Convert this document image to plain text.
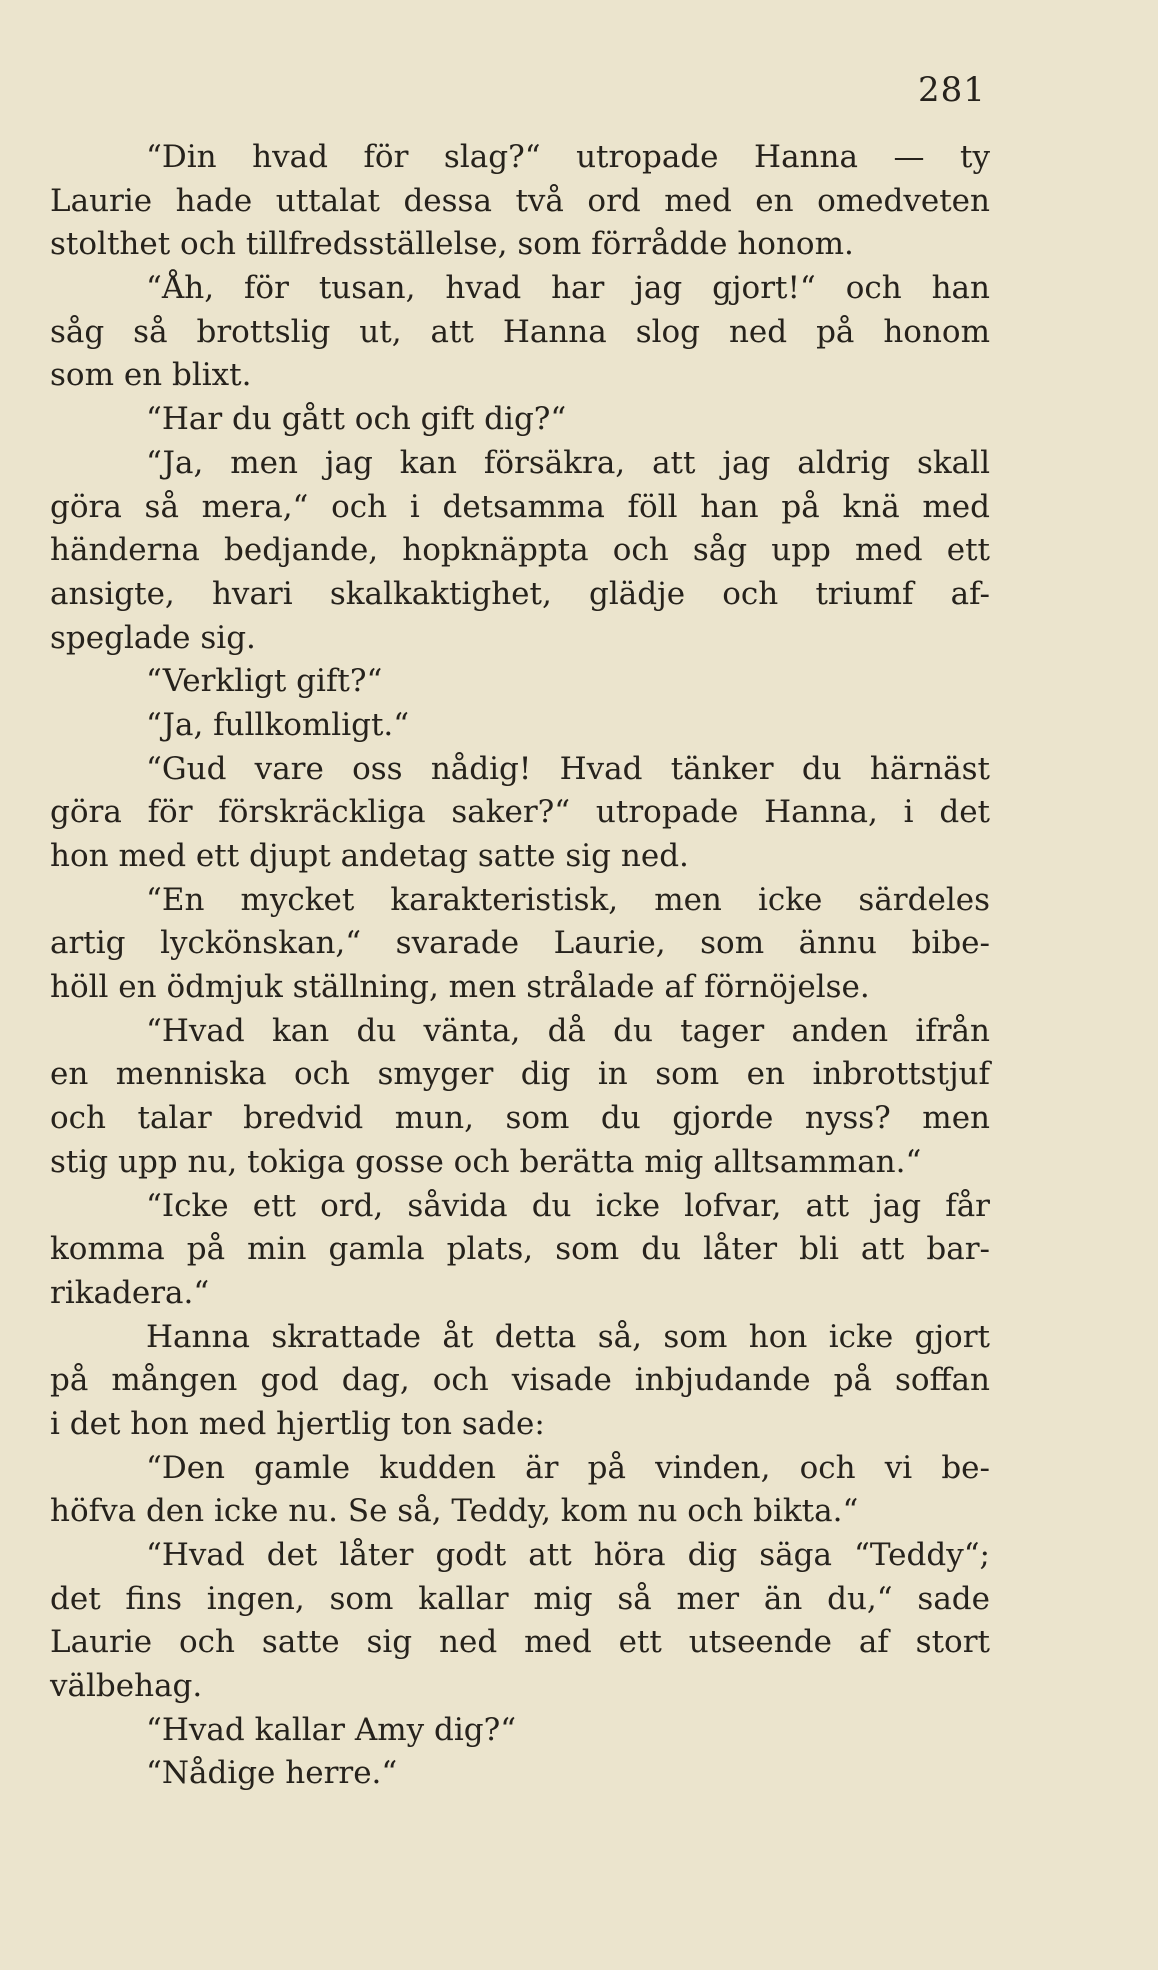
281
“Din hvad för slag?“ utropade Hanna — ty
Laurie hade uttalat dessa två ord med en omedveten
stolthet och tillfredsställelse, som förrådde honom.
“Åh, för tusan, hvad har jag gjort!“ och han
såg så brottslig ut, att Hanna slog ned på honom
som en blixt.
“Har du gått och gift dig?“
“Ja, men jag kan försäkra, att jag aldrig skall
göra så mera,“ och i detsamma föll han på knä med
händerna bedjande, hopknäppta och såg upp med ett
ansigte, hvari skalkaktighet, glädje och triumf af-
speglade sig.
“Verkligt gift?“
“Ja, fullkomligt.“
“Gud vare oss nådig! Hvad tänker du härnäst
göra för förskräckliga saker?“ utropade Hanna, i det
hon med ett djupt andetag satte sig ned.
“En mycket karakteristisk, men icke särdeles
artig lyckönskan,“ svarade Laurie, som ännu bibe-
höll en ödmjuk ställning, men strålade af förnöjelse.
“Hvad kan du vänta, då du tager anden ifrån
en menniska och smyger dig in som en inbrottstjuf
och talar bredvid mun, som du gjorde nyss? men
stig upp nu, tokiga gosse och berätta mig alltsamman.“
“Icke ett ord, såvida du icke lofvar, att jag får
komma på min gamla plats, som du låter bli att bar-
rikadera.“
Hanna skrattade åt detta så, som hon icke gjort
på mången god dag, och visade inbjudande på soffan
i det hon med hjertlig ton sade:
“Den gamle kudden är på vinden, och vi be-
höfva den icke nu. Se så, Teddy, kom nu och bikta.“
“Hvad det låter godt att höra dig säga “Teddy“;
det fins ingen, som kallar mig så mer än du,“ sade
Laurie och satte sig ned med ett utseende af stort
välbehag.
“Hvad kallar Amy dig?“
“Nådige herre.“
